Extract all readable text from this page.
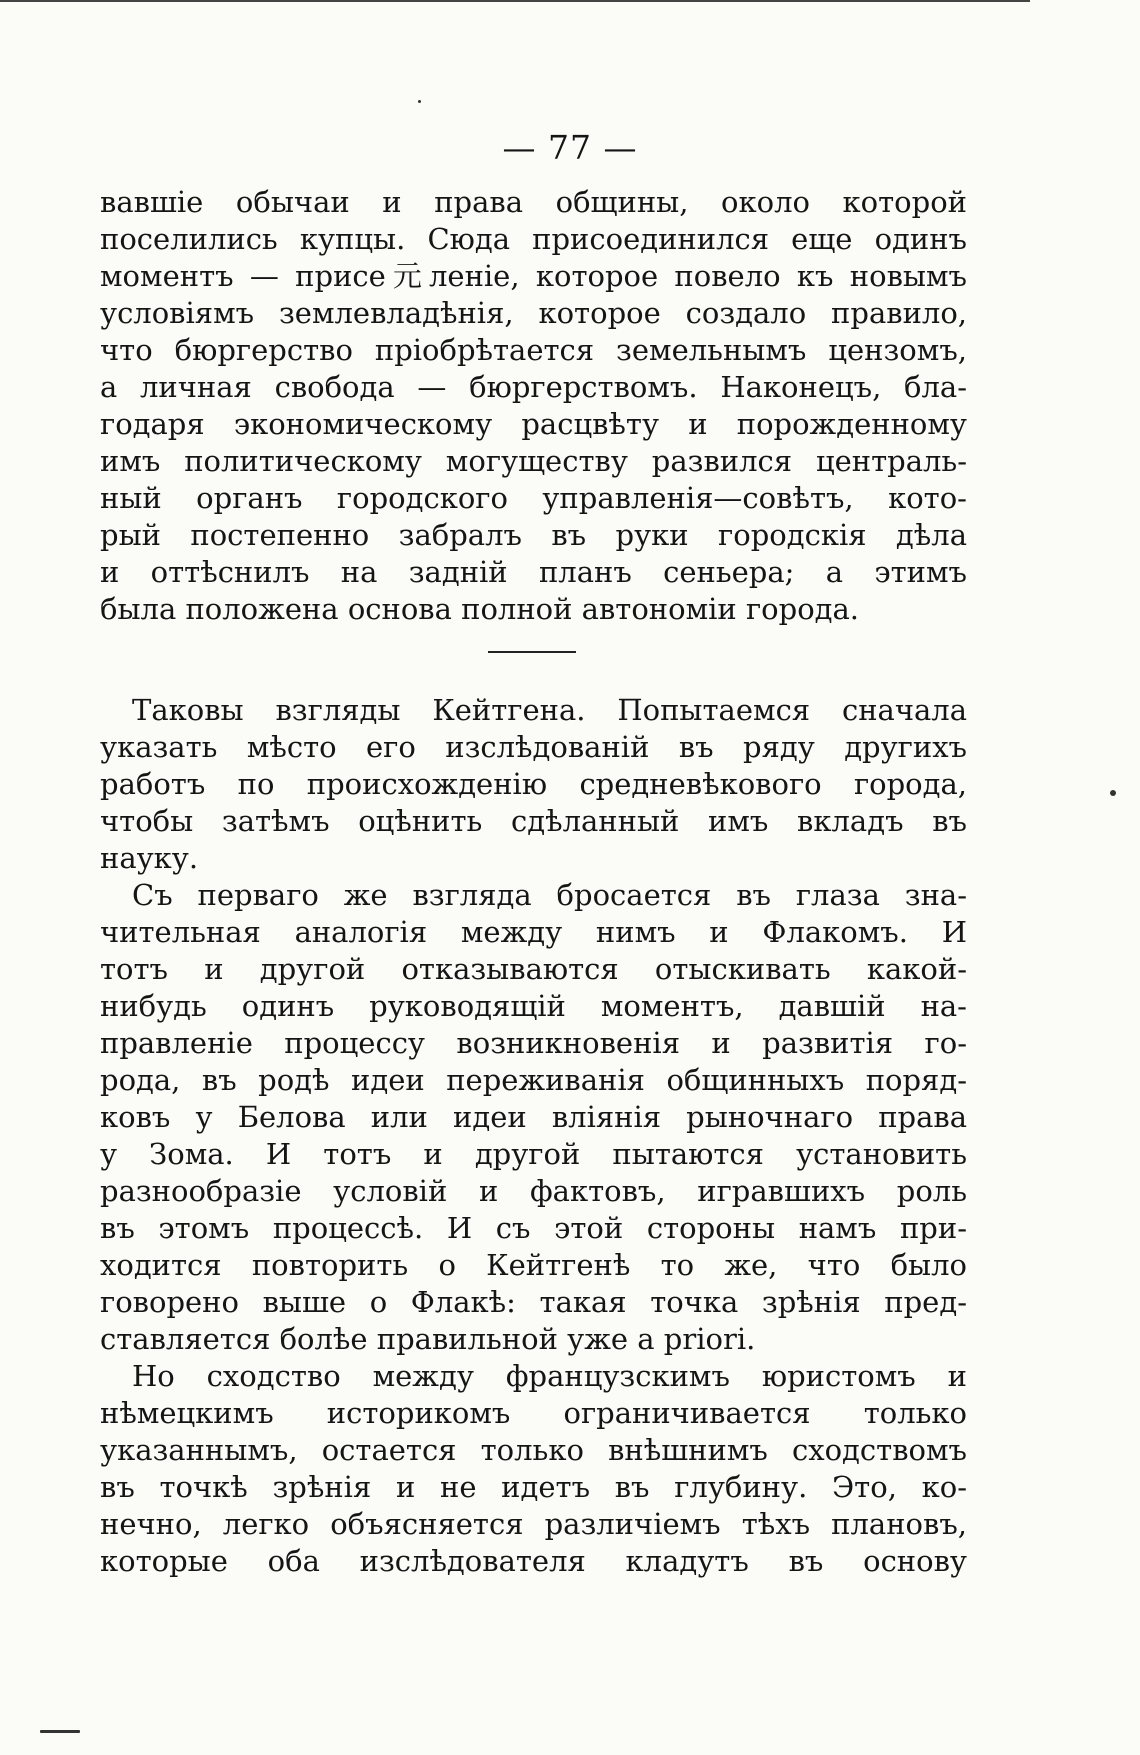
— 77 —
вавшіе обычаи и права общины, около которой
поселились купцы. Сюда присоединился еще одинъ
моментъ — присе元леніе, которое повело къ новымъ
условіямъ землевладѣнія, которое создало правило,
что бюргерство пріобрѣтается земельнымъ цензомъ,
а личная свобода — бюргерствомъ. Наконецъ, бла-
годаря экономическому расцвѣту и порожденному
имъ политическому могуществу развился централь-
ный органъ городского управленія—совѣтъ, кото-
рый постепенно забралъ въ руки городскія дѣла
и оттѣснилъ на задній планъ сеньера; а этимъ
была положена основа полной автономіи города.
Таковы взгляды Кейтгена. Попытаемся сначала
указать мѣсто его изслѣдованій въ ряду другихъ
работъ по происхожденію средневѣкового города,
чтобы затѣмъ оцѣнить сдѣланный имъ вкладъ въ
науку.
Съ перваго же взгляда бросается въ глаза зна-
чительная аналогія между нимъ и Флакомъ. И
тотъ и другой отказываются отыскивать какой-
нибудь одинъ руководящій моментъ, давшій на-
правленіе процессу возникновенія и развитія го-
рода, въ родѣ идеи переживанія общинныхъ поряд-
ковъ у Белова или идеи вліянія рыночнаго права
у Зома. И тотъ и другой пытаются установить
разнообразіе условій и фактовъ, игравшихъ роль
въ этомъ процессѣ. И съ этой стороны намъ при-
ходится повторить о Кейтгенѣ то же, что было
говорено выше о Флакѣ: такая точка зрѣнія пред-
ставляется болѣе правильной уже a priori.
Но сходство между французскимъ юристомъ и
нѣмецкимъ историкомъ ограничивается только
указаннымъ, остается только внѣшнимъ сходствомъ
въ точкѣ зрѣнія и не идетъ въ глубину. Это, ко-
нечно, легко объясняется различіемъ тѣхъ плановъ,
которые оба изслѣдователя кладутъ въ основу
